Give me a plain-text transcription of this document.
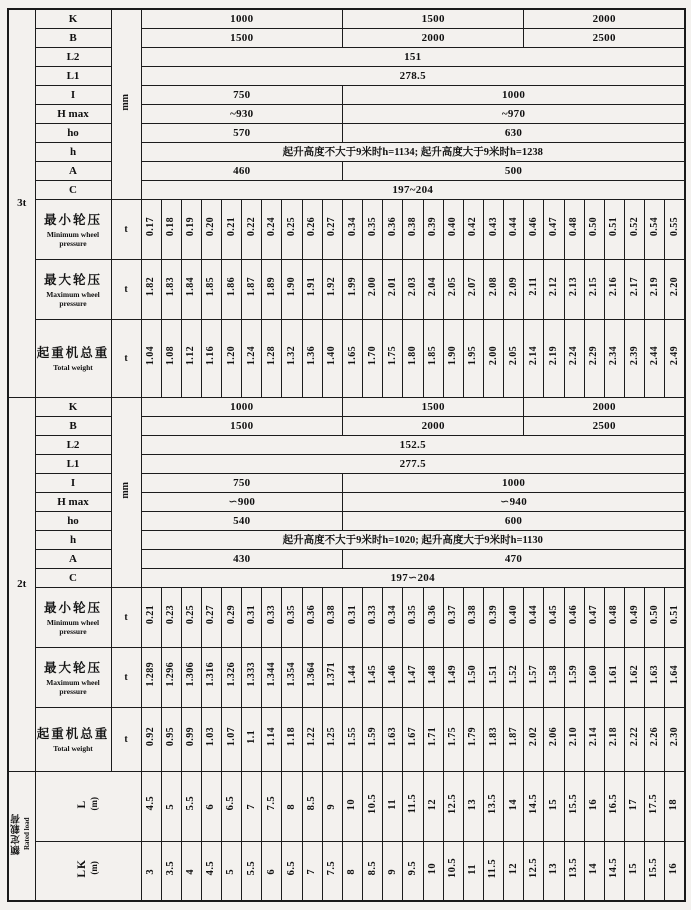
3t	K	mm	1000										1500									2000							
	B		1500										2000									2500							
	L2		151																										
	L1		278.5																										
	I		750										1000																
	H max		~930										~970																
	ho		570										630																
	h		起升高度不大于9米时h=1134; 起升高度大于9米时h=1238																										
	A		460										500																
	C		197~204																										

	最小轮压
Minimum wheel pressure	t	0.17	0.18	0.19	0.20	0.21	0.22	0.24	0.25	0.26	0.27	0.34	0.35	0.36	0.38	0.39	0.40	0.42	0.43	0.44	0.46	0.47	0.48	0.50	0.51	0.52	0.54	0.55

	最大轮压
Maximum wheel pressure	t	1.82	1.83	1.84	1.85	1.86	1.87	1.89	1.90	1.91	1.92	1.99	2.00	2.01	2.03	2.04	2.05	2.07	2.08	2.09	2.11	2.12	2.13	2.15	2.16	2.17	2.19	2.20

	起重机总重
Total weight	t	1.04	1.08	1.12	1.16	1.20	1.24	1.28	1.32	1.36	1.40	1.65	1.70	1.75	1.80	1.85	1.90	1.95	2.00	2.05	2.14	2.19	2.24	2.29	2.34	2.39	2.44	2.49
2t	K	mm	1000										1500									2000							
	B		1500										2000									2500							
	L2		152.5																										
	L1		277.5																										
	I		750										1000																
	H max		∽900										∽940																
	ho		540										600																
	h		起升高度不大于9米时h=1020; 起升高度大于9米时h=1130																										
	A		430										470																
	C		197∽204																										

	最小轮压
Minimum wheel pressure	t	0.21	0.23	0.25	0.27	0.29	0.31	0.33	0.35	0.36	0.38	0.31	0.33	0.34	0.35	0.36	0.37	0.38	0.39	0.40	0.44	0.45	0.46	0.47	0.48	0.49	0.50	0.51

	最大轮压
Maximum wheel pressure	t	1.289	1.296	1.306	1.316	1.326	1.333	1.344	1.354	1.364	1.371	1.44	1.45	1.46	1.47	1.48	1.49	1.50	1.51	1.52	1.57	1.58	1.59	1.60	1.61	1.62	1.63	1.64

	起重机总重
Total weight	t	0.92	0.95	0.99	1.03	1.07	1.1	1.14	1.18	1.22	1.25	1.55	1.59	1.63	1.67	1.71	1.75	1.79	1.83	1.87	2.02	2.06	2.10	2.14	2.18	2.22	2.26	2.30

额定载荷 Rated load

L (m)	4.5	5	5.5	6	6.5	7	7.5	8	8.5	9	10	10.5	11	11.5	12	12.5	13	13.5	14	14.5	15	15.5	16	16.5	17	17.5	18

	LK (m)		3	3.5	4	4.5	5	5.5	6	6.5	7	7.5	8	8.5	9	9.5	10	10.5	11	11.5	12	12.5	13	13.5	14	14.5	15	15.5	16
